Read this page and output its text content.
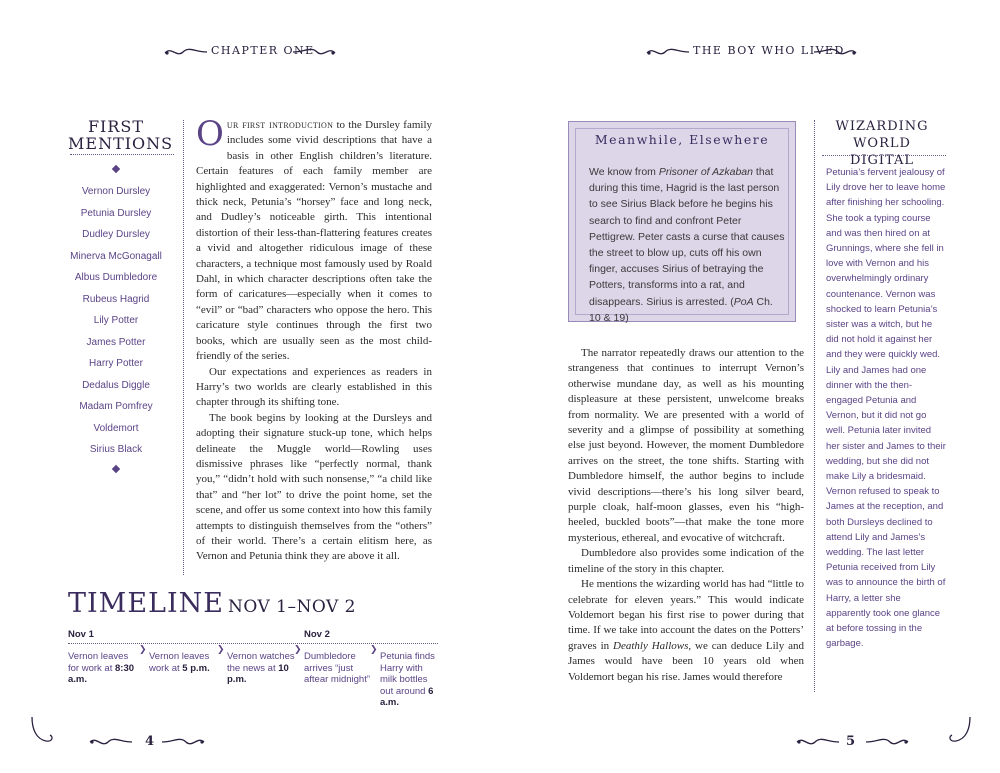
CHAPTER ONE
FIRST
MENTIONS
Vernon Dursley
Petunia Dursley
Dudley Dursley
Minerva McGonagall
Albus Dumbledore
Rubeus Hagrid
Lily Potter
James Potter
Harry Potter
Dedalus Diggle
Madam Pomfrey
Voldemort
Sirius Black

Our first introduction to the Dursley family includes some vivid descriptions that have a basis in other English children’s literature. Certain features of each family member are highlighted and exaggerated: Vernon’s mustache and thick neck, Petunia’s “horsey” face and long neck, and Dudley’s noticeable girth. This intentional distortion of their less-than-flattering features creates a vivid and altogether ridiculous image of these characters, a technique most famously used by Roald Dahl, in which character descriptions often take the form of caricatures—especially when it comes to “evil” or “bad” characters who oppose the hero. This caricature style continues through the first two books, which are usually seen as the most child-friendly of the series.

Our expectations and experiences as readers in Harry’s two worlds are clearly established in this chapter through its shifting tone.

The book begins by looking at the Dursleys and adopting their signature stuck-up tone, which helps delineate the Muggle world—Rowling uses dismissive phrases like “perfectly normal, thank you,” “didn’t hold with such nonsense,” “a child like that” and “her lot” to drive the point home, set the scene, and offer us some context into how this family attempts to distinguish themselves from the “others” of their world. There’s a certain elitism here, as Vernon and Petunia think they are above it all.

TIMELINE NOV 1–NOV 2
Nov 1	Nov 2
Vernon leaves for work at 8:30 a.m.
❯
Vernon leaves work at 5 p.m.
❯
Vernon watches the news at 10 p.m.
❯
Dumbledore arrives “just aftear midnight”
❯
Petunia finds Harry with milk bottles out around 6 a.m.
4
THE BOY WHO LIVED
Meanwhile, Elsewhere
We know from Prisoner of Azkaban that during this time, Hagrid is the last person to see Sirius Black before he begins his search to find and confront Peter Pettigrew. Peter casts a curse that causes the street to blow up, cuts off his own finger, accuses Sirius of betraying the Potters, transforms into a rat, and disappears. Sirius is arrested. (PoA Ch. 10 & 19)

The narrator repeatedly draws our attention to the strangeness that continues to interrupt Vernon’s otherwise mundane day, as well as his mounting displeasure at these persistent, unwelcome breaks from normality. We are presented with a world of severity and a glimpse of possibility at something else just beyond. However, the moment Dumbledore arrives on the street, the tone shifts. Starting with Dumbledore himself, the author begins to include vivid descriptions—there’s his long silver beard, purple cloak, half-moon glasses, even his “high-heeled, buckled boots”—that make the tone more mysterious, ethereal, and evocative of witchcraft.

Dumbledore also provides some indication of the timeline of the story in this chapter.

He mentions the wizarding world has had “little to celebrate for eleven years.” This would indicate Voldemort began his first rise to power during that time. If we take into account the dates on the Potters’ graves in Deathly Hallows, we can deduce Lily and James would have been 10 years old when Voldemort began his rise. James would therefore

WIZARDING
WORLD DIGITAL
Petunia’s fervent jealousy of Lily drove her to leave home after finishing her schooling. She took a typing course and was then hired on at Grunnings, where she fell in love with Vernon and his overwhelmingly ordinary countenance. Vernon was shocked to learn Petunia’s sister was a witch, but he did not hold it against her and they were quickly wed. Lily and James had one dinner with the then-engaged Petunia and Vernon, but it did not go well. Petunia later invited her sister and James to their wedding, but she did not make Lily a bridesmaid. Vernon refused to speak to James at the reception, and both Dursleys declined to attend Lily and James’s wedding. The last letter Petunia received from Lily was to announce the birth of Harry, a letter she apparently took one glance at before tossing in the garbage.
5
